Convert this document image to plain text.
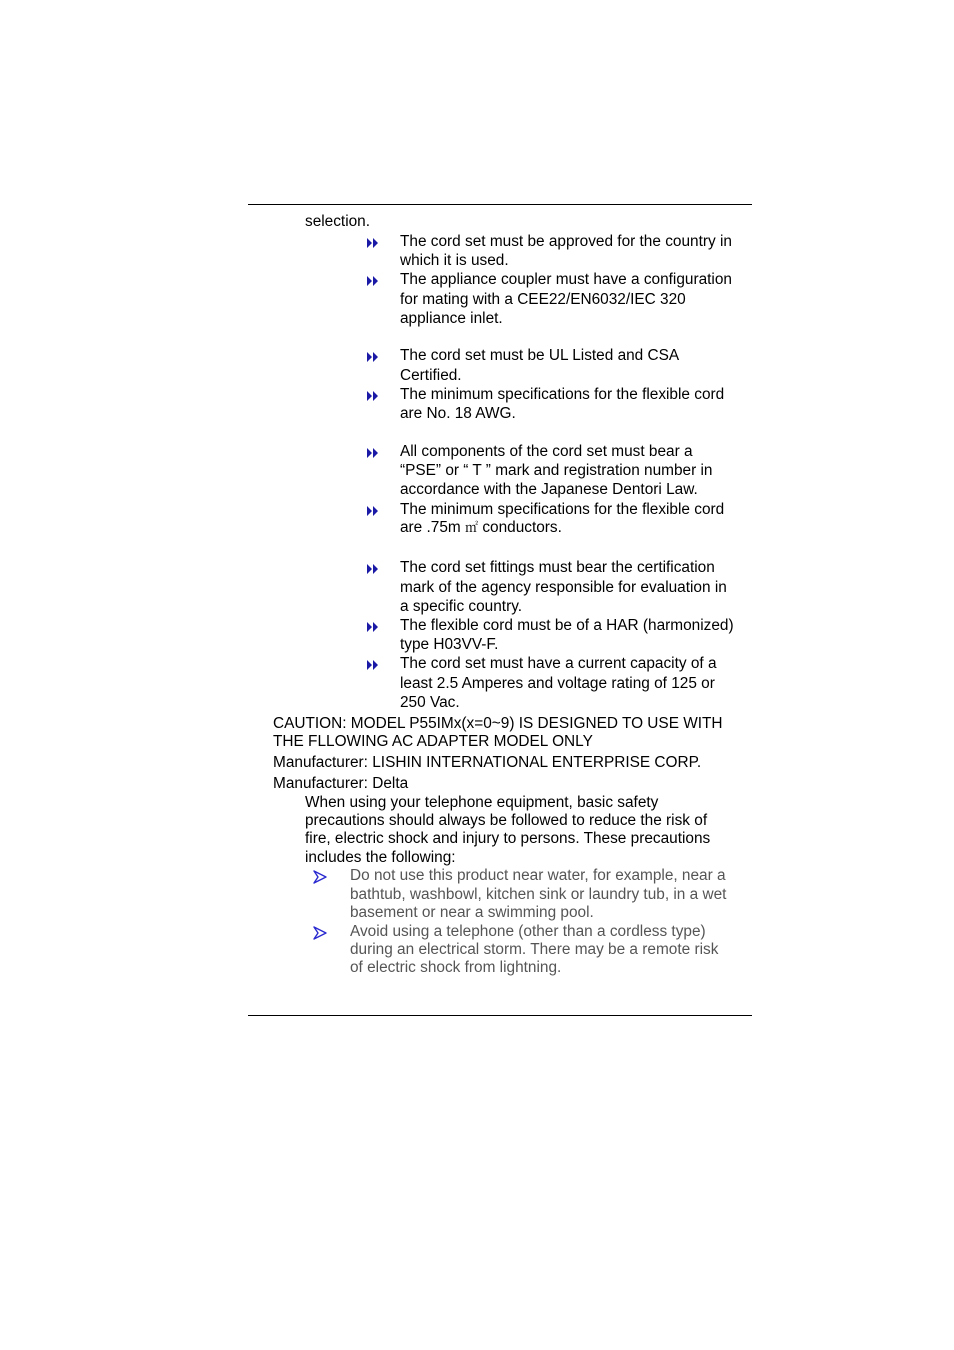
selection.
The cord set must be approved for the country in
which it is used.
The appliance coupler must have a configuration
for mating with a CEE22/EN6032/IEC 320
appliance inlet.
The cord set must be UL Listed and CSA
Certified.
The minimum specifications for the flexible cord
are No. 18 AWG.
All components of the cord set must bear a
“PSE” or “ T ” mark and registration number in
accordance with the Japanese Dentori Law.
The minimum specifications for the flexible cord
are .75m ㎡ conductors.
The cord set fittings must bear the certification
mark of the agency responsible for evaluation in
a specific country.
The flexible cord must be of a HAR (harmonized)
type H03VV-F.
The cord set must have a current capacity of a
least 2.5 Amperes and voltage rating of 125 or
250 Vac.
CAUTION: MODEL P55IMx(x=0~9) IS DESIGNED TO USE WITH
THE FLLOWING AC ADAPTER MODEL ONLY
Manufacturer: LISHIN INTERNATIONAL ENTERPRISE CORP.
Manufacturer: Delta
When using your telephone equipment, basic safety
precautions should always be followed to reduce the risk of
fire, electric shock and injury to persons. These precautions
includes the following:
Do not use this product near water, for example, near a
bathtub, washbowl, kitchen sink or laundry tub, in a wet
basement or near a swimming pool.
Avoid using a telephone (other than a cordless type)
during an electrical storm. There may be a remote risk
of electric shock from lightning.
